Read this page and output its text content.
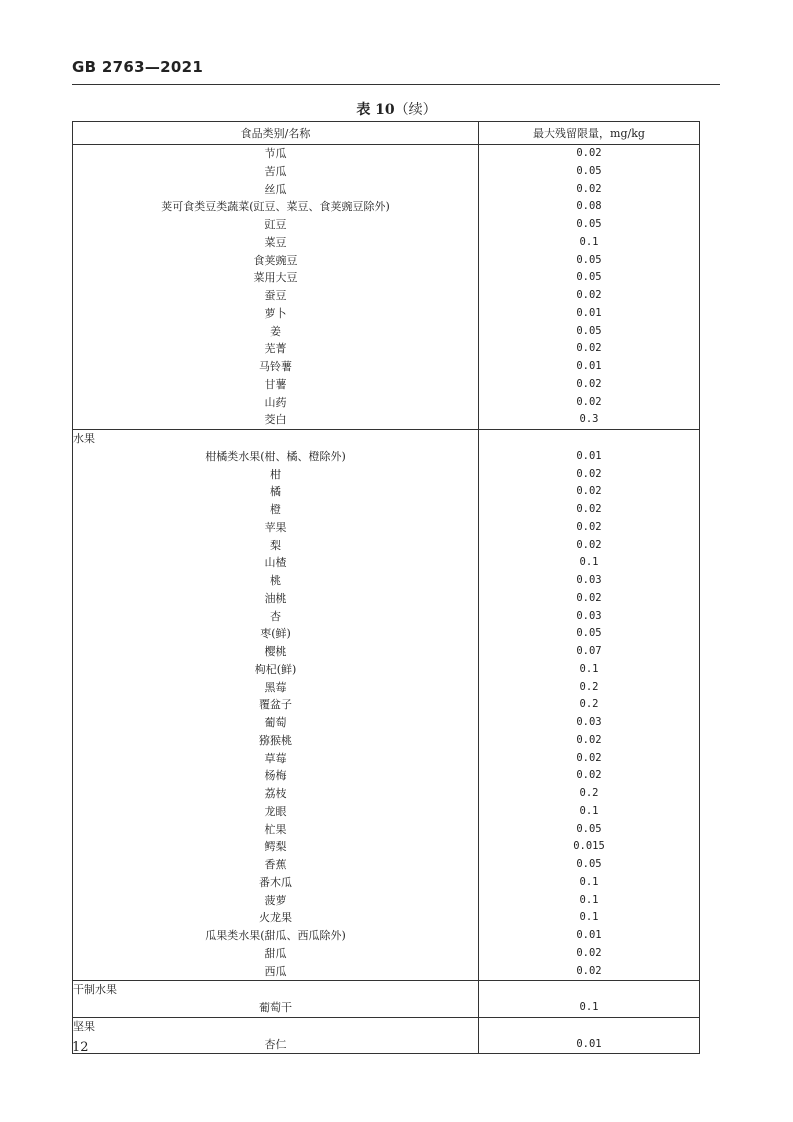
GB 2763—2021
表 10（续）
食品类别/名称	最大残留限量，mg/kg
节瓜	0.02
苦瓜	0.05
丝瓜	0.02
荚可食类豆类蔬菜(豇豆、菜豆、食荚豌豆除外)	0.08
豇豆	0.05
菜豆	0.1
食荚豌豆	0.05
菜用大豆	0.05
蚕豆	0.02
萝卜	0.01
姜	0.05
芜菁	0.02
马铃薯	0.01
甘薯	0.02
山药	0.02
茭白	0.3
水果	
柑橘类水果(柑、橘、橙除外)	0.01
柑	0.02
橘	0.02
橙	0.02
苹果	0.02
梨	0.02
山楂	0.1
桃	0.03
油桃	0.02
杏	0.03
枣(鲜)	0.05
樱桃	0.07
枸杞(鲜)	0.1
黑莓	0.2
覆盆子	0.2
葡萄	0.03
猕猴桃	0.02
草莓	0.02
杨梅	0.02
荔枝	0.2
龙眼	0.1
杧果	0.05
鳄梨	0.015
香蕉	0.05
番木瓜	0.1
菠萝	0.1
火龙果	0.1
瓜果类水果(甜瓜、西瓜除外)	0.01
甜瓜	0.02
西瓜	0.02
干制水果	
葡萄干	0.1
坚果	
杏仁	0.01
12
